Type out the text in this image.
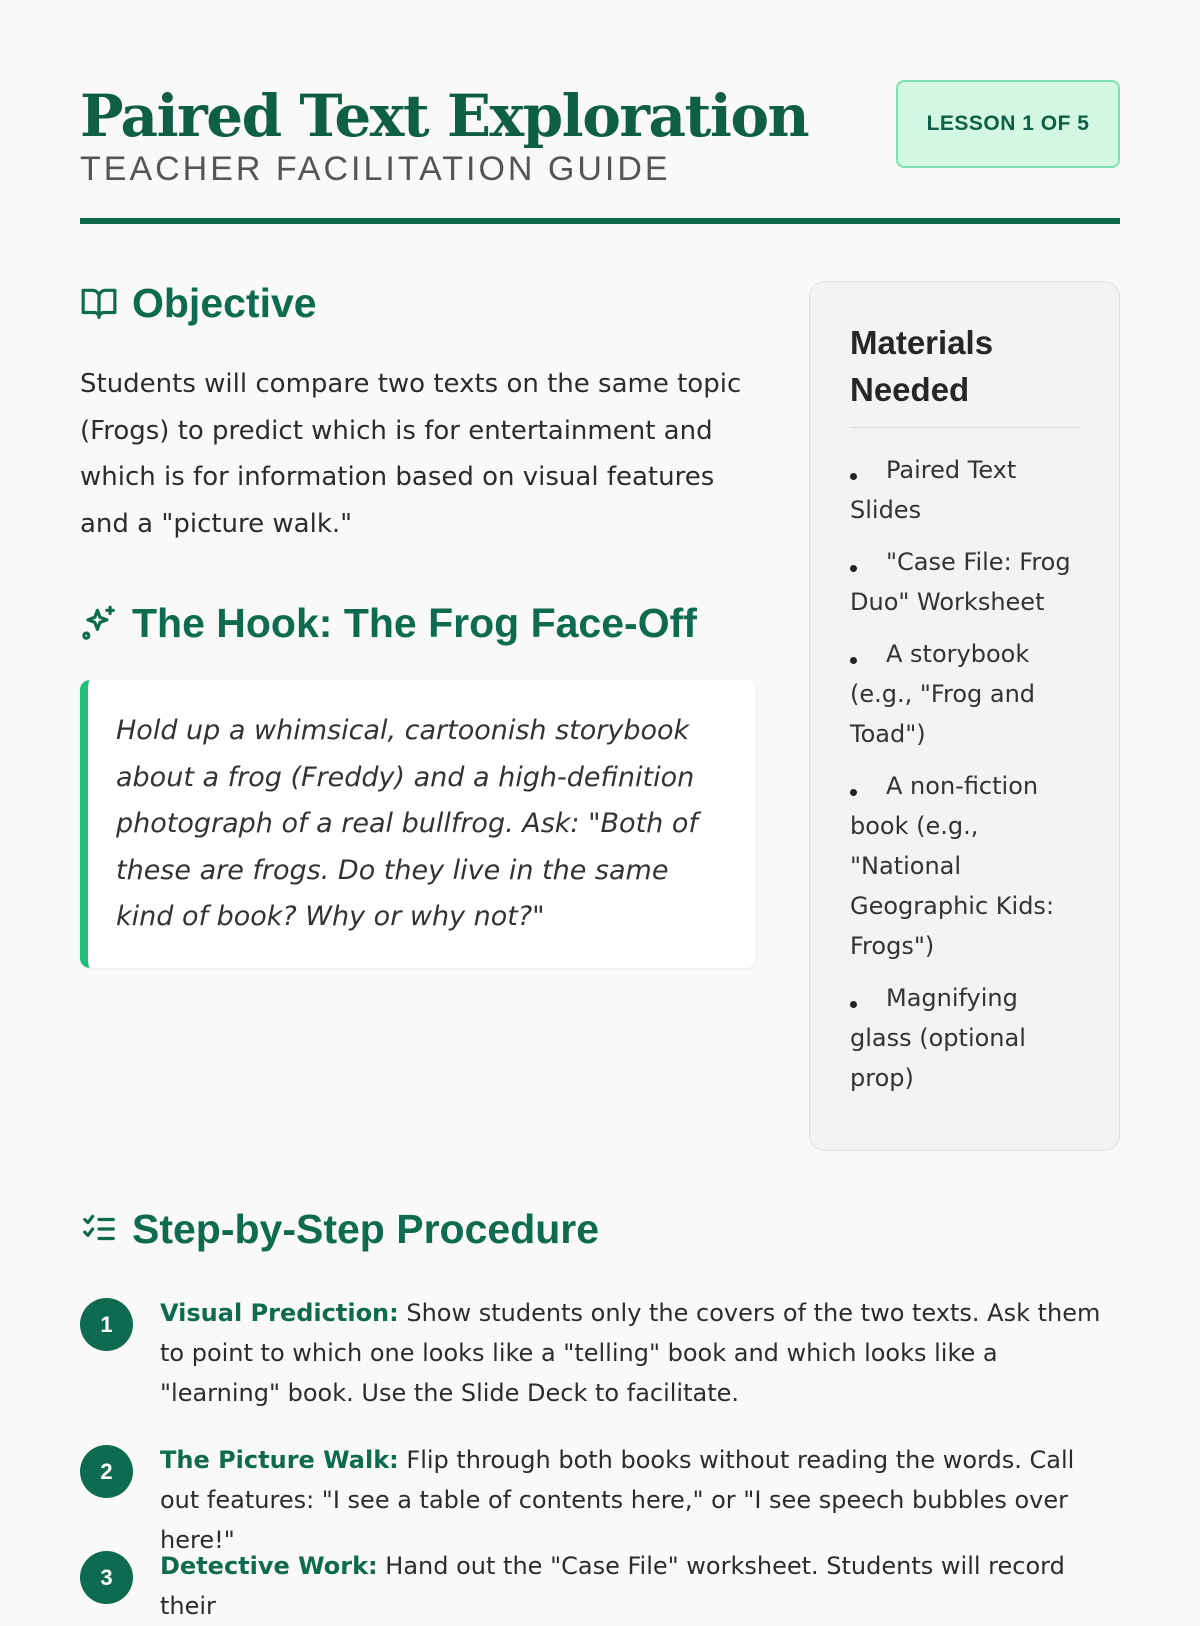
Paired Text Exploration
TEACHER FACILITATION GUIDE
LESSON 1 OF 5
Objective

Students will compare two texts on the same topic (Frogs) to predict which is for entertainment and which is for information based on visual features and a "picture walk."

The Hook: The Frog Face-Off

Hold up a whimsical, cartoonish storybook about a frog (Freddy) and a high-definition photograph of a real bullfrog. Ask: "Both of these are frogs. Do they live in the same kind of book? Why or why not?"

Materials Needed
Paired Text Slides
"Case File: Frog Duo" Worksheet
A storybook (e.g., "Frog and Toad")
A non-fiction book (e.g., "National Geographic Kids: Frogs")
Magnifying glass (optional prop)
Step-by-Step Procedure
1	Visual Prediction: Show students only the covers of the two texts. Ask them to point to which one looks like a "telling" book and which looks like a "learning" book. Use the Slide Deck to facilitate.

2	The Picture Walk: Flip through both books without reading the words. Call out features: "I see a table of contents here," or "I see speech bubbles over here!"

3	Detective Work: Hand out the "Case File" worksheet. Students will record their
